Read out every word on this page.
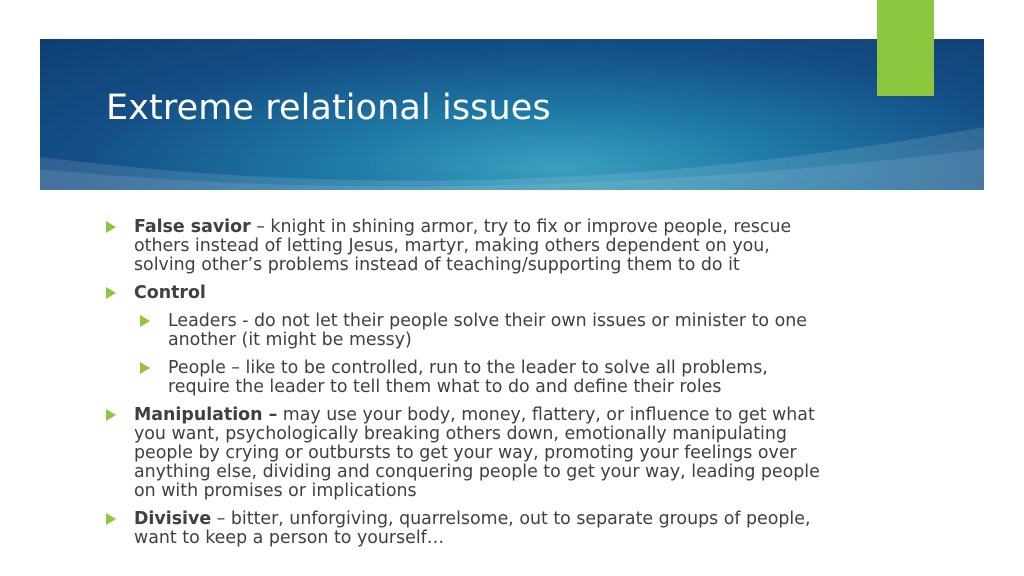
Extreme relational issues
False savior – knight in shining armor, try to fix or improve people, rescue others instead of letting Jesus, martyr, making others dependent on you, solving other’s problems instead of teaching/supporting them to do it
Control
Leaders - do not let their people solve their own issues or minister to one another (it might be messy)
People – like to be controlled, run to the leader to solve all problems, require the leader to tell them what to do and define their roles
Manipulation – may use your body, money, flattery, or influence to get what you want, psychologically breaking others down, emotionally manipulating people by crying or outbursts to get your way, promoting your feelings over anything else, dividing and conquering people to get your way, leading people on with promises or implications
Divisive – bitter, unforgiving, quarrelsome, out to separate groups of people, want to keep a person to yourself…
